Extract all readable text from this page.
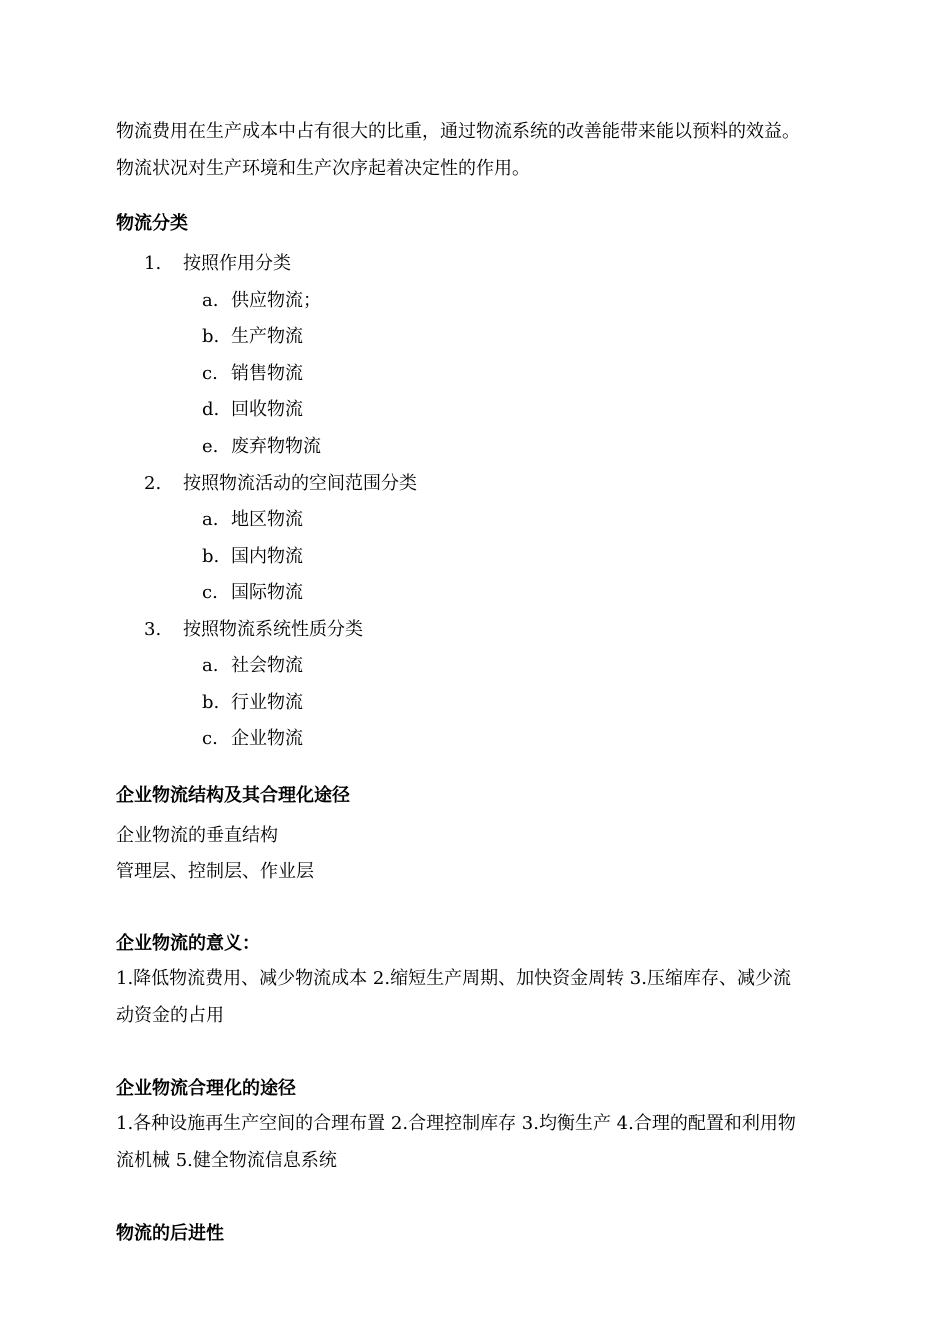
物流费用在生产成本中占有很大的比重，通过物流系统的改善能带来能以预料的效益。
物流状况对生产环境和生产次序起着决定性的作用。
物流分类
1. 按照作用分类
a. 供应物流；
b. 生产物流
c. 销售物流
d. 回收物流
e. 废弃物物流
2. 按照物流活动的空间范围分类
a. 地区物流
b. 国内物流
c. 国际物流
3. 按照物流系统性质分类
a. 社会物流
b. 行业物流
c. 企业物流
企业物流结构及其合理化途径
企业物流的垂直结构
管理层、控制层、作业层
企业物流的意义：
1.降低物流费用、减少物流成本 2.缩短生产周期、加快资金周转 3.压缩库存、减少流
动资金的占用
企业物流合理化的途径
1.各种设施再生产空间的合理布置 2.合理控制库存 3.均衡生产 4.合理的配置和利用物
流机械 5.健全物流信息系统
物流的后进性
